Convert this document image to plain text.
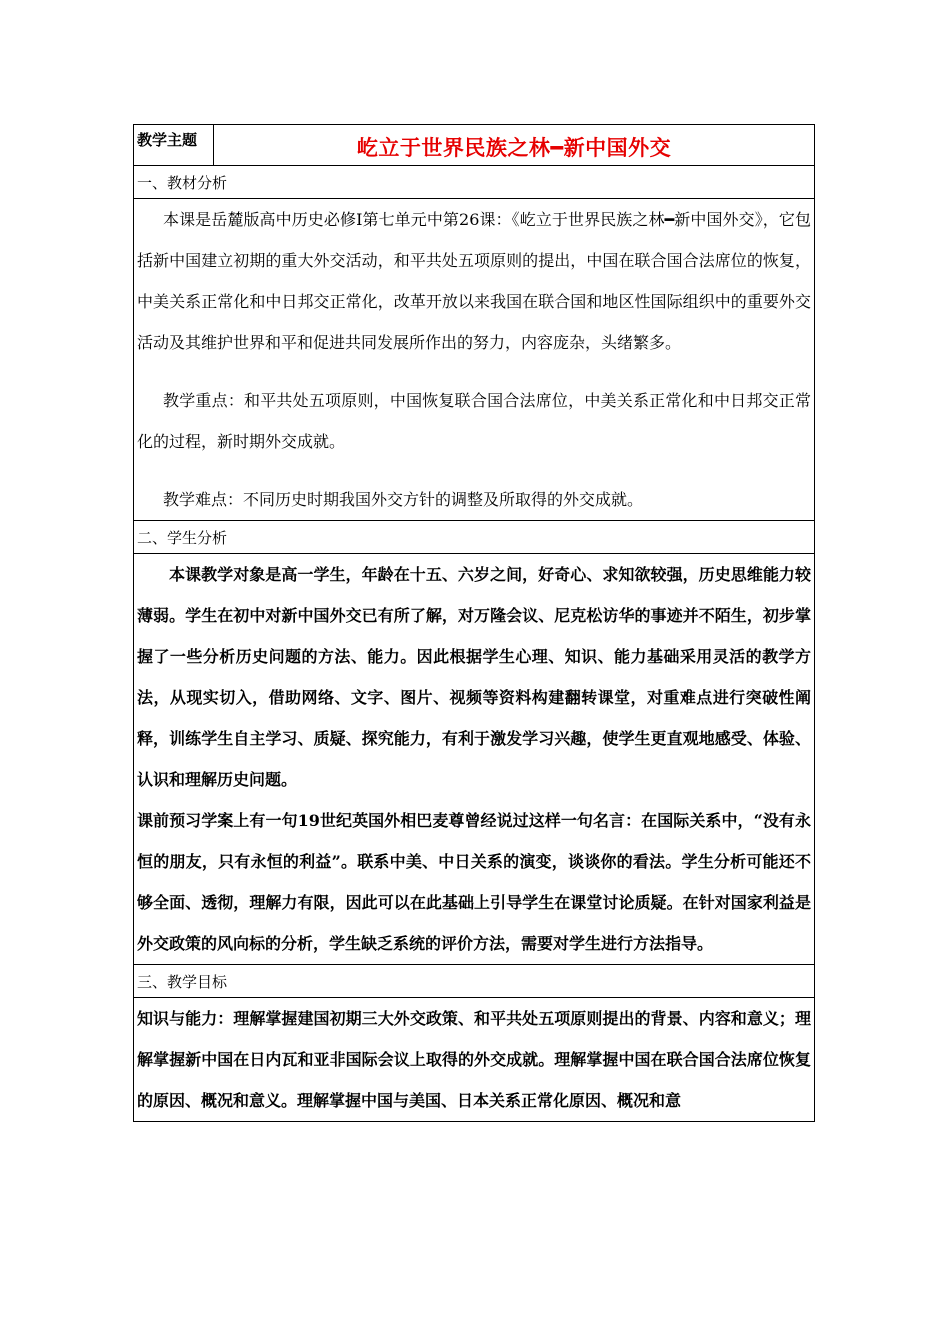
教学主题	屹立于世界民族之林━新中国外交
一、教材分析

本课是岳麓版高中历史必修Ⅰ第七单元中第26课：《屹立于世界民族之林━新中国外交》，它包括新中国建立初期的重大外交活动，和平共处五项原则的提出，中国在联合国合法席位的恢复，中美关系正常化和中日邦交正常化，改革开放以来我国在联合国和地区性国际组织中的重要外交活动及其维护世界和平和促进共同发展所作出的努力，内容庞杂，头绪繁多。

教学重点：和平共处五项原则，中国恢复联合国合法席位，中美关系正常化和中日邦交正常化的过程，新时期外交成就。

教学难点：不同历史时期我国外交方针的调整及所取得的外交成就。

二、学生分析

本课教学对象是高一学生，年龄在十五、六岁之间，好奇心、求知欲较强，历史思维能力较薄弱。学生在初中对新中国外交已有所了解，对万隆会议、尼克松访华的事迹并不陌生，初步掌握了一些分析历史问题的方法、能力。因此根据学生心理、知识、能力基础采用灵活的教学方法，从现实切入，借助网络、文字、图片、视频等资料构建翻转课堂，对重难点进行突破性阐释，训练学生自主学习、质疑、探究能力，有利于激发学习兴趣，使学生更直观地感受、体验、认识和理解历史问题。

课前预习学案上有一句19世纪英国外相巴麦尊曾经说过这样一句名言：在国际关系中，“没有永恒的朋友，只有永恒的利益”。联系中美、中日关系的演变，谈谈你的看法。学生分析可能还不够全面、透彻，理解力有限，因此可以在此基础上引导学生在课堂讨论质疑。在针对国家利益是外交政策的风向标的分析，学生缺乏系统的评价方法，需要对学生进行方法指导。

三、教学目标

知识与能力：理解掌握建国初期三大外交政策、和平共处五项原则提出的背景、内容和意义；理解掌握新中国在日内瓦和亚非国际会议上取得的外交成就。理解掌握中国在联合国合法席位恢复的原因、概况和意义。理解掌握中国与美国、日本关系正常化原因、概况和意
